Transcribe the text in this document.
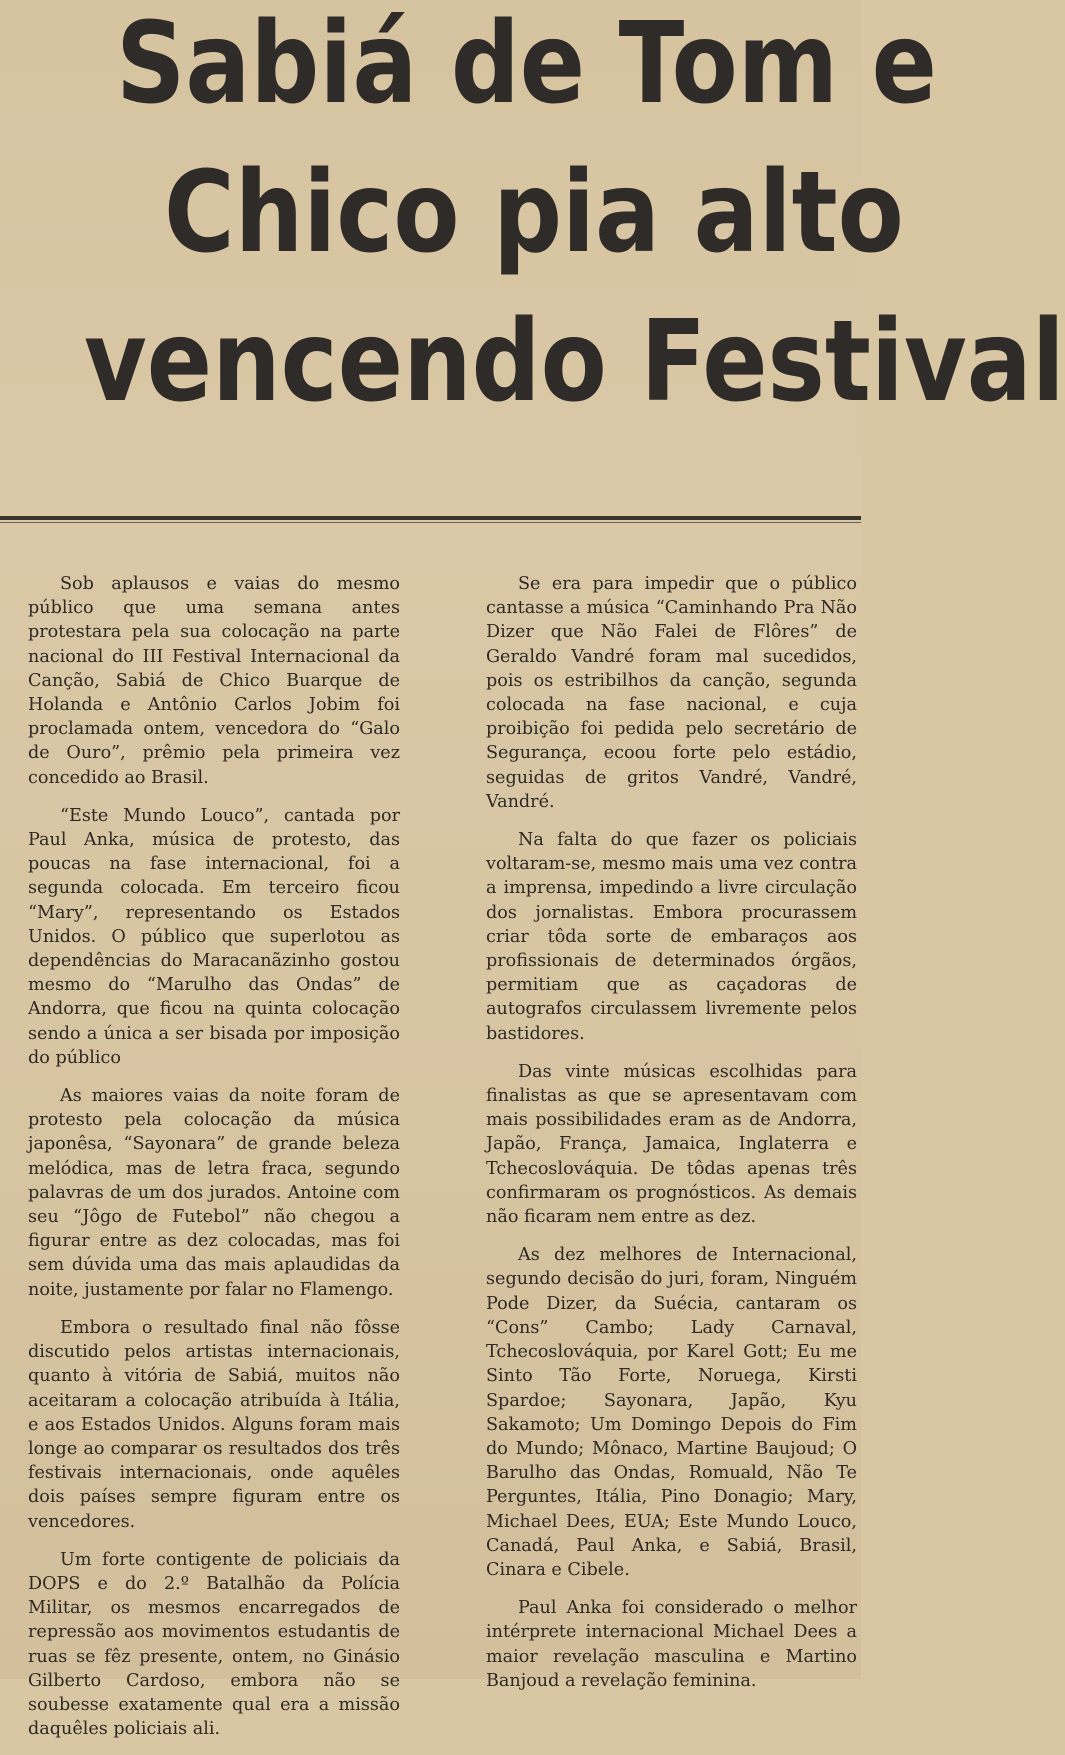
Sabiá de Tom e
Chico pia alto
vencendo Festival

Sob aplausos e vaias do mesmo público que uma semana antes protestara pela sua colocação na parte nacional do III Festival Internacional da Canção, Sabiá de Chico Buarque de Holanda e Antônio Carlos Jobim foi proclamada ontem, vencedora do “Galo de Ouro”, prêmio pela primeira vez concedido ao Brasil.

“Este Mundo Louco”, cantada por Paul Anka, música de protesto, das poucas na fase internacional, foi a segunda colocada. Em terceiro ficou “Mary”, representando os Estados Unidos. O público que superlotou as dependências do Maracanãzinho gostou mesmo do “Marulho das Ondas” de Andorra, que ficou na quinta colocação sendo a única a ser bisada por imposição do público

As maiores vaias da noite foram de protesto pela colocação da música japonêsa, “Sayonara” de grande beleza melódica, mas de letra fraca, segundo palavras de um dos jurados. Antoine com seu “Jôgo de Futebol” não chegou a figurar entre as dez colocadas, mas foi sem dúvida uma das mais aplaudidas da noite, justamente por falar no Flamengo.

Embora o resultado final não fôsse discutido pelos artistas internacionais, quanto à vitória de Sabiá, muitos não aceitaram a colocação atribuída à Itália, e aos Estados Unidos. Alguns foram mais longe ao comparar os resultados dos três festivais internacionais, onde aquêles dois países sempre figuram entre os vencedores.

Um forte contigente de policiais da DOPS e do 2.º Batalhão da Polícia Militar, os mesmos encarregados de repressão aos movimentos estudantis de ruas se fêz presente, ontem, no Ginásio Gilberto Cardoso, embora não se soubesse exatamente qual era a missão daquêles policiais ali.

Se era para impedir que o público cantasse a música “Caminhando Pra Não Dizer que Não Falei de Flôres” de Geraldo Vandré foram mal sucedidos, pois os estribilhos da canção, segunda colocada na fase nacional, e cuja proibição foi pedida pelo secretário de Segurança, ecoou forte pelo estádio, seguidas de gritos Vandré, Vandré, Vandré.

Na falta do que fazer os policiais voltaram-se, mesmo mais uma vez contra a imprensa, impedindo a livre circulação dos jornalistas. Embora procurassem criar tôda sorte de embaraços aos profissionais de determinados órgãos, permitiam que as caçadoras de autografos circulassem livremente pelos bastidores.

Das vinte músicas escolhidas para finalistas as que se apresentavam com mais possibilidades eram as de Andorra, Japão, França, Jamaica, Inglaterra e Tchecoslováquia. De tôdas apenas três confirmaram os prognósticos. As demais não ficaram nem entre as dez.

As dez melhores de Internacional, segundo decisão do juri, foram, Ninguém Pode Dizer, da Suécia, cantaram os “Cons” Cambo; Lady Carnaval, Tchecoslováquia, por Karel Gott; Eu me Sinto Tão Forte, Noruega, Kirsti Spardoe; Sayonara, Japão, Kyu Sakamoto; Um Domingo Depois do Fim do Mundo; Mônaco, Martine Baujoud; O Barulho das Ondas, Romuald, Não Te Perguntes, Itália, Pino Donagio; Mary, Michael Dees, EUA; Este Mundo Louco, Canadá, Paul Anka, e Sabiá, Brasil, Cinara e Cibele.

Paul Anka foi considerado o melhor intérprete internacional Michael Dees a maior revelação masculina e Martino Banjoud a revelação feminina.
